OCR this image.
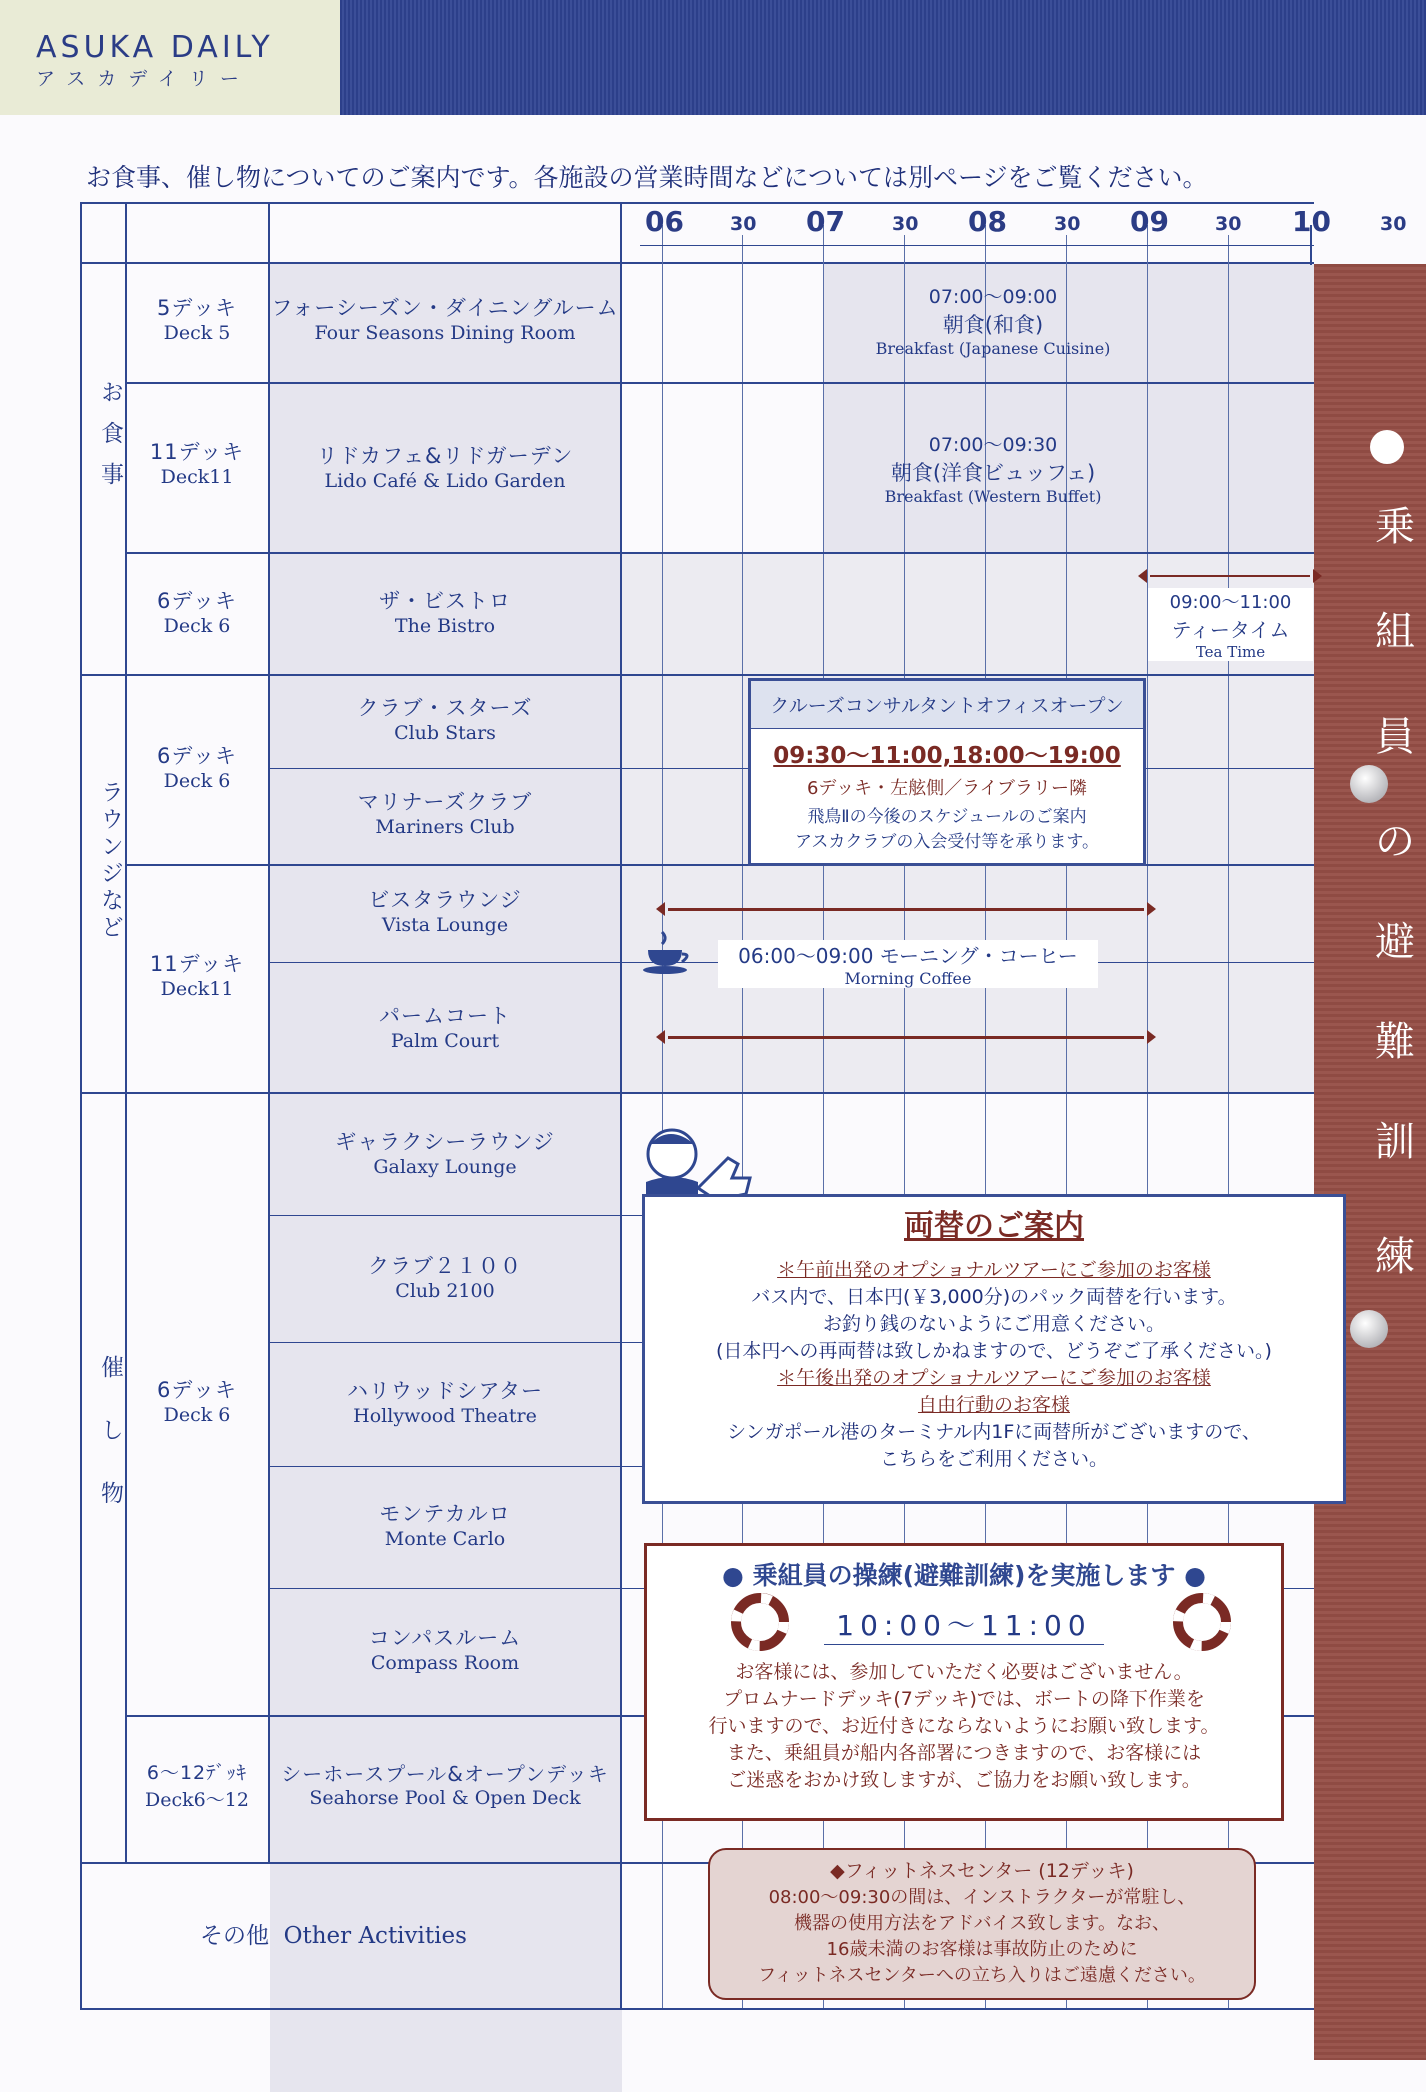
ASUKA DAILY
アスカデイリー
お食事、催し物についてのご案内です。各施設の営業時間などについては別ページをご覧ください。
乗
組
員
の
避
難
訓
練
06 30 07 30 08 30 09 30 10	30
お食事
ラウンジなど
催し物
その他  Other Activities
5デッキ
Deck 5
11デッキ
Deck11
6デッキ
Deck 6
6デッキ
Deck 6
11デッキ
Deck11
6デッキ
Deck 6
6〜12ﾃﾞｯｷ
Deck6〜12
フォーシーズン・ダイニングルーム
Four Seasons Dining Room
リドカフェ&リドガーデン
Lido Café & Lido Garden
ザ・ビストロ
The Bistro
クラブ・スターズ
Club Stars
マリナーズクラブ
Mariners Club
ビスタラウンジ
Vista Lounge
パームコート
Palm Court
ギャラクシーラウンジ
Galaxy Lounge
クラブ２１００
Club 2100
ハリウッドシアター
Hollywood Theatre
モンテカルロ
Monte Carlo
コンパスルーム
Compass Room
シーホースプール&オープンデッキ
Seahorse Pool & Open Deck
07:00〜09:00
朝食(和食)
Breakfast (Japanese Cuisine)
07:00〜09:30
朝食(洋食ビュッフェ)
Breakfast (Western Buffet)
09:00〜11:00
ティータイム
Tea Time
クルーズコンサルタントオフィスオープン
09:30〜11:00,18:00〜19:00
6デッキ・左舷側／ライブラリー隣
飛鳥Ⅱの今後のスケジュールのご案内
アスカクラブの入会受付等を承ります。
06:00〜09:00 モーニング・コーヒー
Morning Coffee
両替のご案内
＊午前出発のオプショナルツアーにご参加のお客様
バス内で、日本円(￥3,000分)のパック両替を行います。
お釣り銭のないようにご用意ください。
(日本円への再両替は致しかねますので、どうぞご了承ください。)
＊午後出発のオプショナルツアーにご参加のお客様
自由行動のお客様
シンガポール港のターミナル内1Fに両替所がございますので、
こちらをご利用ください。
● 乗組員の操練(避難訓練)を実施します ●
10:00〜11:00
お客様には、参加していただく必要はございません。
プロムナードデッキ(7デッキ)では、ボートの降下作業を
行いますので、お近付きにならないようにお願い致します。
また、乗組員が船内各部署につきますので、お客様には
ご迷惑をおかけ致しますが、ご協力をお願い致します。
◆フィットネスセンター (12デッキ)
08:00〜09:30の間は、インストラクターが常駐し、
機器の使用方法をアドバイス致します。なお、
16歳未満のお客様は事故防止のために
フィットネスセンターへの立ち入りはご遠慮ください。
